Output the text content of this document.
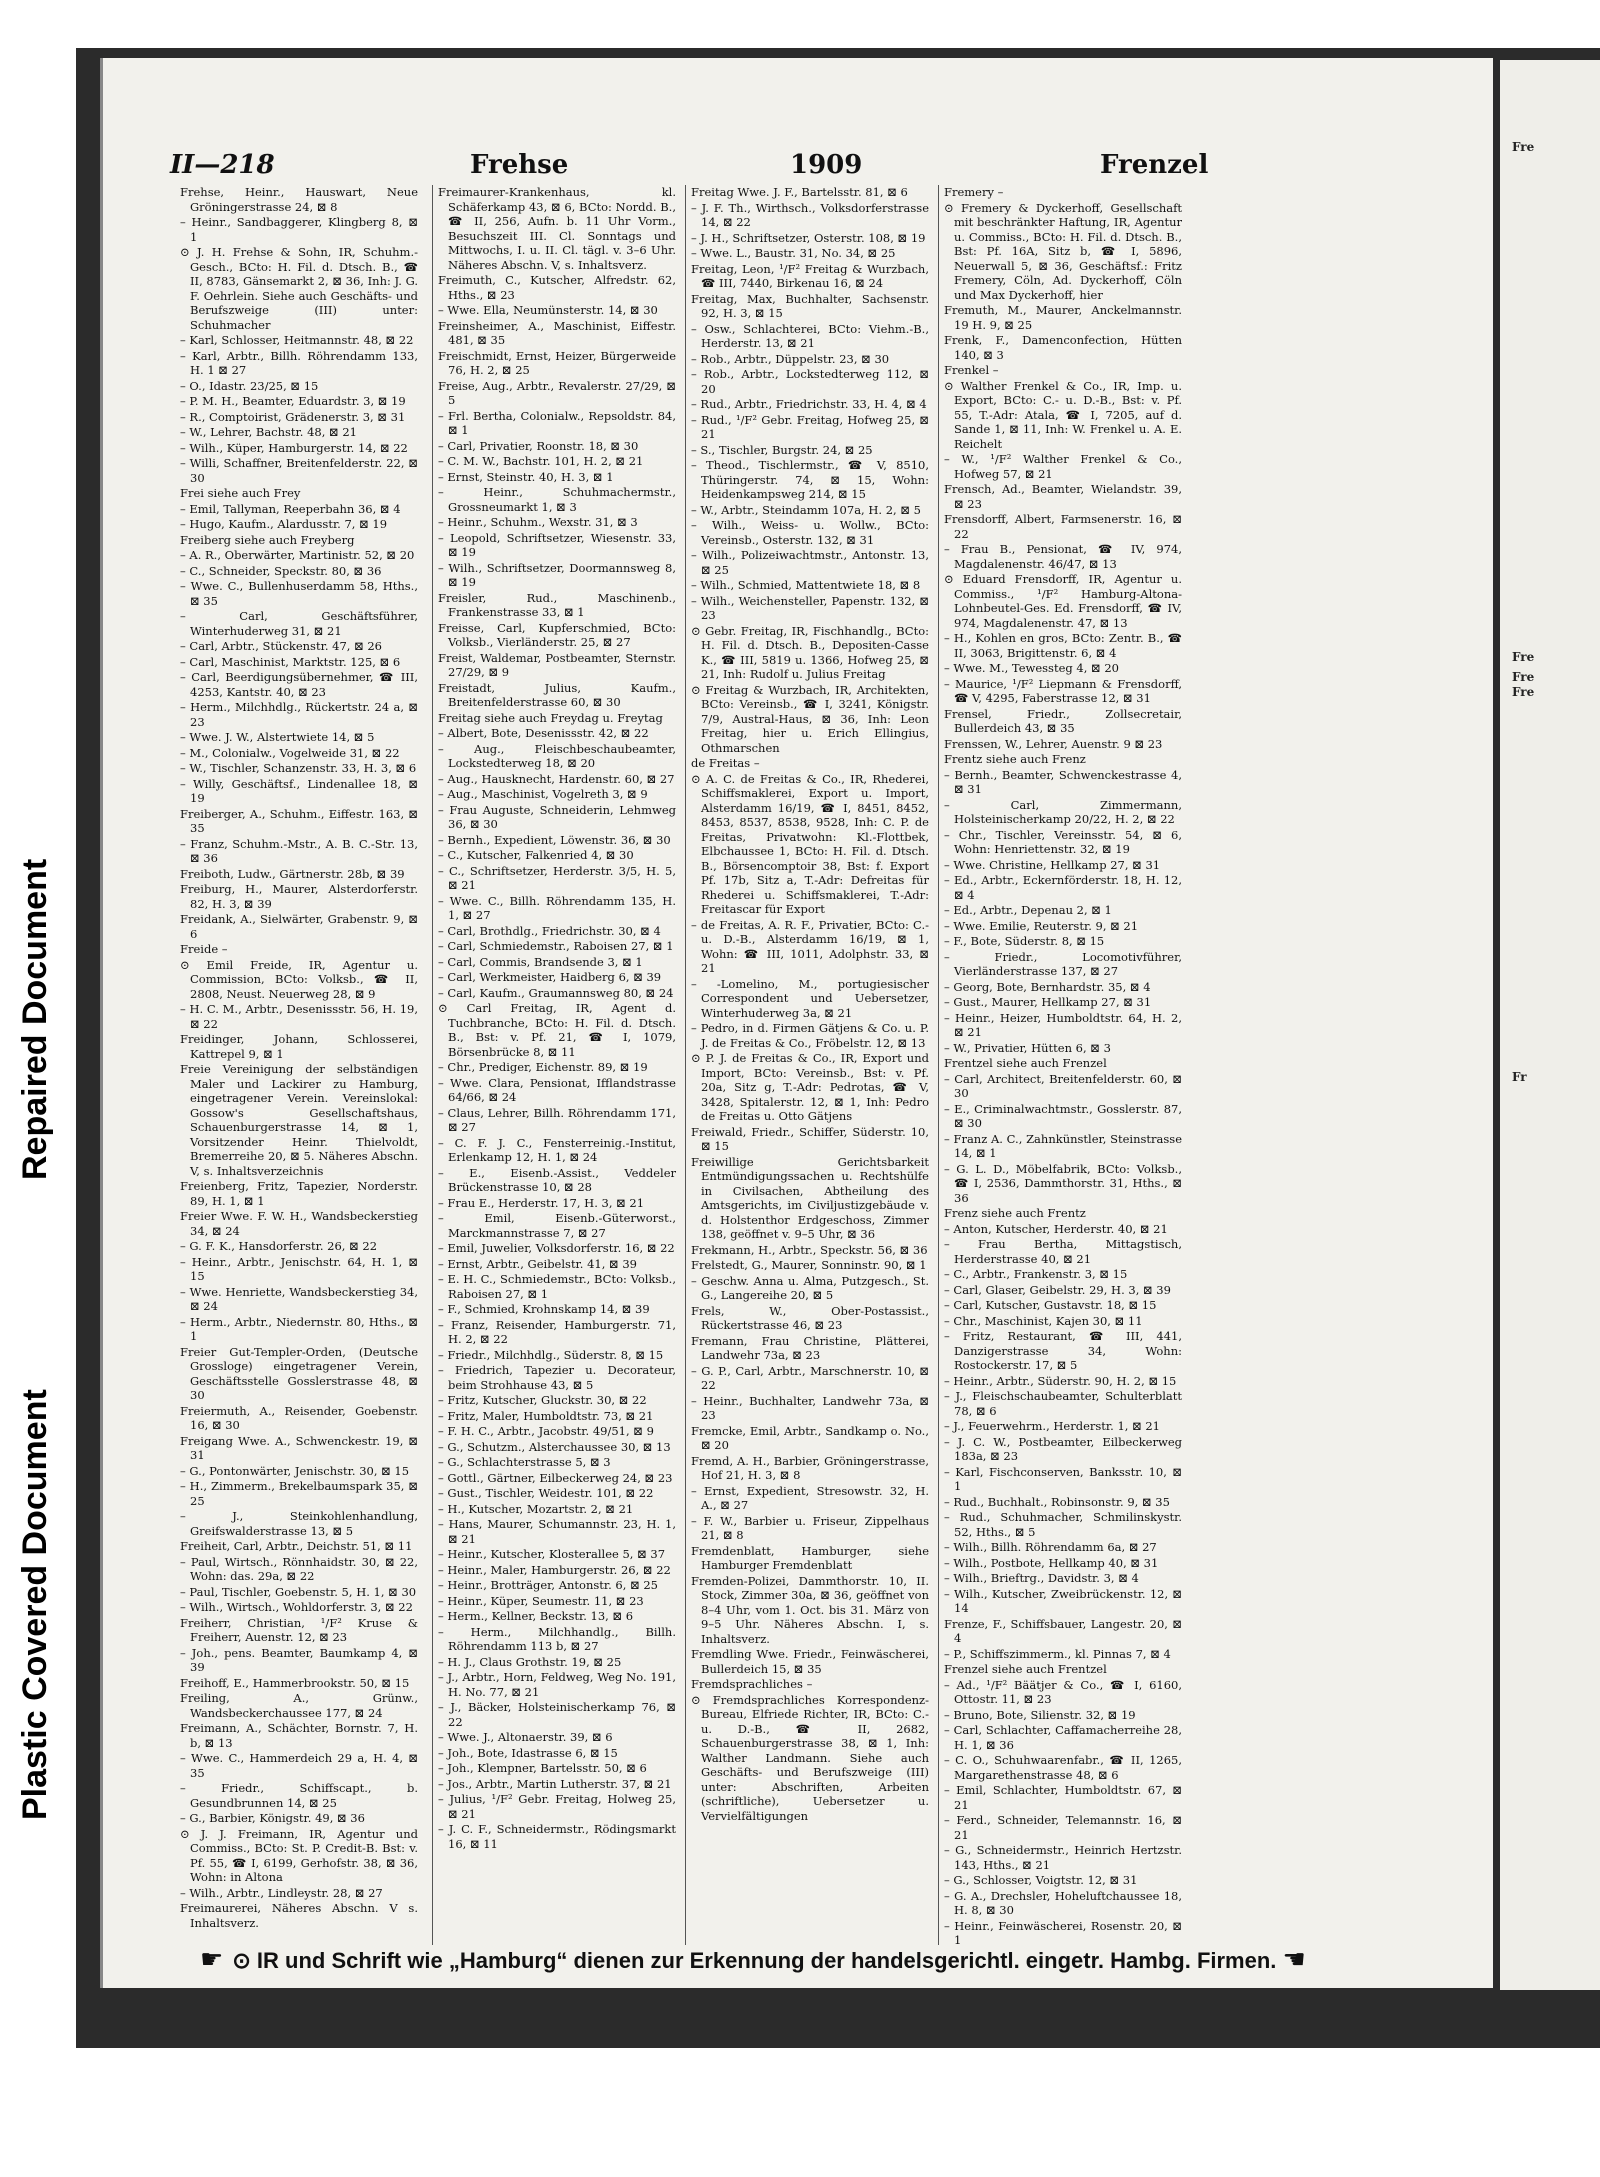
Repaired Document
Plastic Covered Document
Fre
Fre
Fre
Fre
Fr
II—218	Frehse	1909	Frenzel
Frehse, Heinr., Hauswart, Neue Gröningerstrasse 24, ⊠ 8
– Heinr., Sandbaggerer, Klingberg 8, ⊠ 1
⊙ J. H. Frehse & Sohn, IR, Schuhm.-Gesch., BCto: H. Fil. d. Dtsch. B., ☎ II, 8783, Gänsemarkt 2, ⊠ 36, Inh: J. G. F. Oehrlein. Siehe auch Geschäfts- und Berufszweige (III) unter: Schuhmacher
– Karl, Schlosser, Heitmannstr. 48, ⊠ 22
– Karl, Arbtr., Billh. Röhrendamm 133, H. 1 ⊠ 27
– O., Idastr. 23/25, ⊠ 15
– P. M. H., Beamter, Eduardstr. 3, ⊠ 19
– R., Comptoirist, Grädenerstr. 3, ⊠ 31
– W., Lehrer, Bachstr. 48, ⊠ 21
– Wilh., Küper, Hamburgerstr. 14, ⊠ 22
– Willi, Schaffner, Breitenfelderstr. 22, ⊠ 30
Frei siehe auch Frey
– Emil, Tallyman, Reeperbahn 36, ⊠ 4
– Hugo, Kaufm., Alardusstr. 7, ⊠ 19
Freiberg siehe auch Freyberg
– A. R., Oberwärter, Martinistr. 52, ⊠ 20
– C., Schneider, Speckstr. 80, ⊠ 36
– Wwe. C., Bullenhuserdamm 58, Hths., ⊠ 35
– Carl, Geschäftsführer, Winterhuderweg 31, ⊠ 21
– Carl, Arbtr., Stückenstr. 47, ⊠ 26
– Carl, Maschinist, Marktstr. 125, ⊠ 6
– Carl, Beerdigungsübernehmer, ☎ III, 4253, Kantstr. 40, ⊠ 23
– Herm., Milchhdlg., Rückertstr. 24 a, ⊠ 23
– Wwe. J. W., Alstertwiete 14, ⊠ 5
– M., Colonialw., Vogelweide 31, ⊠ 22
– W., Tischler, Schanzenstr. 33, H. 3, ⊠ 6
– Willy, Geschäftsf., Lindenallee 18, ⊠ 19
Freiberger, A., Schuhm., Eiffestr. 163, ⊠ 35
– Franz, Schuhm.-Mstr., A. B. C.-Str. 13, ⊠ 36
Freiboth, Ludw., Gärtnerstr. 28b, ⊠ 39
Freiburg, H., Maurer, Alsterdorferstr. 82, H. 3, ⊠ 39
Freidank, A., Sielwärter, Grabenstr. 9, ⊠ 6
Freide –
⊙ Emil Freide, IR, Agentur u. Commission, BCto: Volksb., ☎ II, 2808, Neust. Neuerweg 28, ⊠ 9
– H. C. M., Arbtr., Desenissstr. 56, H. 19, ⊠ 22
Freidinger, Johann, Schlosserei, Kattrepel 9, ⊠ 1
Freie Vereinigung der selbständigen Maler und Lackirer zu Hamburg, eingetragener Verein. Vereinslokal: Gossow's Gesellschaftshaus, Schauenburgerstrasse 14, ⊠ 1, Vorsitzender Heinr. Thielvoldt, Bremerreihe 20, ⊠ 5. Näheres Abschn. V, s. Inhaltsverzeichnis
Freienberg, Fritz, Tapezier, Norderstr. 89, H. 1, ⊠ 1
Freier Wwe. F. W. H., Wandsbeckerstieg 34, ⊠ 24
– G. F. K., Hansdorferstr. 26, ⊠ 22
– Heinr., Arbtr., Jenischstr. 64, H. 1, ⊠ 15
– Wwe. Henriette, Wandsbeckerstieg 34, ⊠ 24
– Herm., Arbtr., Niedernstr. 80, Hths., ⊠ 1
Freier Gut-Templer-Orden, (Deutsche Grossloge) eingetragener Verein, Geschäftsstelle Gosslerstrasse 48, ⊠ 30
Freiermuth, A., Reisender, Goebenstr. 16, ⊠ 30
Freigang Wwe. A., Schwenckestr. 19, ⊠ 31
– G., Pontonwärter, Jenischstr. 30, ⊠ 15
– H., Zimmerm., Brekelbaumspark 35, ⊠ 25
– J., Steinkohlenhandlung, Greifswalderstrasse 13, ⊠ 5
Freiheit, Carl, Arbtr., Deichstr. 51, ⊠ 11
– Paul, Wirtsch., Rönnhaidstr. 30, ⊠ 22, Wohn: das. 29a, ⊠ 22
– Paul, Tischler, Goebenstr. 5, H. 1, ⊠ 30
– Wilh., Wirtsch., Wohldorferstr. 3, ⊠ 22
Freiherr, Christian, ¹/F² Kruse & Freiherr, Auenstr. 12, ⊠ 23
– Joh., pens. Beamter, Baumkamp 4, ⊠ 39
Freihoff, E., Hammerbrookstr. 50, ⊠ 15
Freiling, A., Grünw., Wandsbeckerchaussee 177, ⊠ 24
Freimann, A., Schächter, Bornstr. 7, H. b, ⊠ 13
– Wwe. C., Hammerdeich 29 a, H. 4, ⊠ 35
– Friedr., Schiffscapt., b. Gesundbrunnen 14, ⊠ 25
– G., Barbier, Königstr. 49, ⊠ 36
⊙ J. J. Freimann, IR, Agentur und Commiss., BCto: St. P. Credit-B. Bst: v. Pf. 55, ☎ I, 6199, Gerhofstr. 38, ⊠ 36, Wohn: in Altona
– Wilh., Arbtr., Lindleystr. 28, ⊠ 27
Freimaurerei, Näheres Abschn. V s. Inhaltsverz.
Freimaurer-Krankenhaus, kl. Schäferkamp 43, ⊠ 6, BCto: Nordd. B., ☎ II, 256, Aufn. b. 11 Uhr Vorm., Besuchszeit III. Cl. Sonntags und Mittwochs, I. u. II. Cl. tägl. v. 3–6 Uhr. Näheres Abschn. V, s. Inhaltsverz.
Freimuth, C., Kutscher, Alfredstr. 62, Hths., ⊠ 23
– Wwe. Ella, Neumünsterstr. 14, ⊠ 30
Freinsheimer, A., Maschinist, Eiffestr. 481, ⊠ 35
Freischmidt, Ernst, Heizer, Bürgerweide 76, H. 2, ⊠ 25
Freise, Aug., Arbtr., Revalerstr. 27/29, ⊠ 5
– Frl. Bertha, Colonialw., Repsoldstr. 84, ⊠ 1
– Carl, Privatier, Roonstr. 18, ⊠ 30
– C. M. W., Bachstr. 101, H. 2, ⊠ 21
– Ernst, Steinstr. 40, H. 3, ⊠ 1
– Heinr., Schuhmachermstr., Grossneumarkt 1, ⊠ 3
– Heinr., Schuhm., Wexstr. 31, ⊠ 3
– Leopold, Schriftsetzer, Wiesenstr. 33, ⊠ 19
– Wilh., Schriftsetzer, Doormannsweg 8, ⊠ 19
Freisler, Rud., Maschinenb., Frankenstrasse 33, ⊠ 1
Freisse, Carl, Kupferschmied, BCto: Volksb., Vierländerstr. 25, ⊠ 27
Freist, Waldemar, Postbeamter, Sternstr. 27/29, ⊠ 9
Freistadt, Julius, Kaufm., Breitenfelderstrasse 60, ⊠ 30
Freitag siehe auch Freydag u. Freytag
– Albert, Bote, Desenissstr. 42, ⊠ 22
– Aug., Fleischbeschaubeamter, Lockstedterweg 18, ⊠ 20
– Aug., Hausknecht, Hardenstr. 60, ⊠ 27
– Aug., Maschinist, Vogelreth 3, ⊠ 9
– Frau Auguste, Schneiderin, Lehmweg 36, ⊠ 30
– Bernh., Expedient, Löwenstr. 36, ⊠ 30
– C., Kutscher, Falkenried 4, ⊠ 30
– C., Schriftsetzer, Herderstr. 3/5, H. 5, ⊠ 21
– Wwe. C., Billh. Röhrendamm 135, H. 1, ⊠ 27
– Carl, Brothdlg., Friedrichstr. 30, ⊠ 4
– Carl, Schmiedemstr., Raboisen 27, ⊠ 1
– Carl, Commis, Brandsende 3, ⊠ 1
– Carl, Werkmeister, Haidberg 6, ⊠ 39
– Carl, Kaufm., Graumannsweg 80, ⊠ 24
⊙ Carl Freitag, IR, Agent d. Tuchbranche, BCto: H. Fil. d. Dtsch. B., Bst: v. Pf. 21, ☎ I, 1079, Börsenbrücke 8, ⊠ 11
– Chr., Prediger, Eichenstr. 89, ⊠ 19
– Wwe. Clara, Pensionat, Ifflandstrasse 64/66, ⊠ 24
– Claus, Lehrer, Billh. Röhrendamm 171, ⊠ 27
– C. F. J. C., Fensterreinig.-Institut, Erlenkamp 12, H. 1, ⊠ 24
– E., Eisenb.-Assist., Veddeler Brückenstrasse 10, ⊠ 28
– Frau E., Herderstr. 17, H. 3, ⊠ 21
– Emil, Eisenb.-Güterworst., Marckmannstrasse 7, ⊠ 27
– Emil, Juwelier, Volksdorferstr. 16, ⊠ 22
– Ernst, Arbtr., Geibelstr. 41, ⊠ 39
– E. H. C., Schmiedemstr., BCto: Volksb., Raboisen 27, ⊠ 1
– F., Schmied, Krohnskamp 14, ⊠ 39
– Franz, Reisender, Hamburgerstr. 71, H. 2, ⊠ 22
– Friedr., Milchhdlg., Süderstr. 8, ⊠ 15
– Friedrich, Tapezier u. Decorateur, beim Strohhause 43, ⊠ 5
– Fritz, Kutscher, Gluckstr. 30, ⊠ 22
– Fritz, Maler, Humboldtstr. 73, ⊠ 21
– F. H. C., Arbtr., Jacobstr. 49/51, ⊠ 9
– G., Schutzm., Alsterchaussee 30, ⊠ 13
– G., Schlachterstrasse 5, ⊠ 3
– Gottl., Gärtner, Eilbeckerweg 24, ⊠ 23
– Gust., Tischler, Weidestr. 101, ⊠ 22
– H., Kutscher, Mozartstr. 2, ⊠ 21
– Hans, Maurer, Schumannstr. 23, H. 1, ⊠ 21
– Heinr., Kutscher, Klosterallee 5, ⊠ 37
– Heinr., Maler, Hamburgerstr. 26, ⊠ 22
– Heinr., Brotträger, Antonstr. 6, ⊠ 25
– Heinr., Küper, Seumestr. 11, ⊠ 23
– Herm., Kellner, Beckstr. 13, ⊠ 6
– Herm., Milchhandlg., Billh. Röhrendamm 113 b, ⊠ 27
– H. J., Claus Grothstr. 19, ⊠ 25
– J., Arbtr., Horn, Feldweg, Weg No. 191, H. No. 77, ⊠ 21
– J., Bäcker, Holsteinischerkamp 76, ⊠ 22
– Wwe. J., Altonaerstr. 39, ⊠ 6
– Joh., Bote, Idastrasse 6, ⊠ 15
– Joh., Klempner, Bartelsstr. 50, ⊠ 6
– Jos., Arbtr., Martin Lutherstr. 37, ⊠ 21
– Julius, ¹/F² Gebr. Freitag, Holweg 25, ⊠ 21
– J. C. F., Schneidermstr., Rödingsmarkt 16, ⊠ 11
Freitag Wwe. J. F., Bartelsstr. 81, ⊠ 6
– J. F. Th., Wirthsch., Volksdorferstrasse 14, ⊠ 22
– J. H., Schriftsetzer, Osterstr. 108, ⊠ 19
– Wwe. L., Baustr. 31, No. 34, ⊠ 25
Freitag, Leon, ¹/F² Freitag & Wurzbach, ☎ III, 7440, Birkenau 16, ⊠ 24
Freitag, Max, Buchhalter, Sachsenstr. 92, H. 3, ⊠ 15
– Osw., Schlachterei, BCto: Viehm.-B., Herderstr. 13, ⊠ 21
– Rob., Arbtr., Düppelstr. 23, ⊠ 30
– Rob., Arbtr., Lockstedterweg 112, ⊠ 20
– Rud., Arbtr., Friedrichstr. 33, H. 4, ⊠ 4
– Rud., ¹/F² Gebr. Freitag, Hofweg 25, ⊠ 21
– S., Tischler, Burgstr. 24, ⊠ 25
– Theod., Tischlermstr., ☎ V, 8510, Thüringerstr. 74, ⊠ 15, Wohn: Heidenkampsweg 214, ⊠ 15
– W., Arbtr., Steindamm 107a, H. 2, ⊠ 5
– Wilh., Weiss- u. Wollw., BCto: Vereinsb., Osterstr. 132, ⊠ 31
– Wilh., Polizeiwachtmstr., Antonstr. 13, ⊠ 25
– Wilh., Schmied, Mattentwiete 18, ⊠ 8
– Wilh., Weichensteller, Papenstr. 132, ⊠ 23
⊙ Gebr. Freitag, IR, Fischhandlg., BCto: H. Fil. d. Dtsch. B., Depositen-Casse K., ☎ III, 5819 u. 1366, Hofweg 25, ⊠ 21, Inh: Rudolf u. Julius Freitag
⊙ Freitag & Wurzbach, IR, Architekten, BCto: Vereinsb., ☎ I, 3241, Königstr. 7/9, Austral-Haus, ⊠ 36, Inh: Leon Freitag, hier u. Erich Ellingius, Othmarschen
de Freitas –
⊙ A. C. de Freitas & Co., IR, Rhederei, Schiffsmaklerei, Export u. Import, Alsterdamm 16/19, ☎ I, 8451, 8452, 8453, 8537, 8538, 9528, Inh: C. P. de Freitas, Privatwohn: Kl.-Flottbek, Elbchaussee 1, BCto: H. Fil. d. Dtsch. B., Börsencomptoir 38, Bst: f. Export Pf. 17b, Sitz a, T.-Adr: Defreitas für Rhederei u. Schiffsmaklerei, T.-Adr: Freitascar für Export
– de Freitas, A. R. F., Privatier, BCto: C.- u. D.-B., Alsterdamm 16/19, ⊠ 1, Wohn: ☎ III, 1011, Adolphstr. 33, ⊠ 21
– -Lomelino, M., portugiesischer Correspondent und Uebersetzer, Winterhuderweg 3a, ⊠ 21
– Pedro, in d. Firmen Gätjens & Co. u. P. J. de Freitas & Co., Fröbelstr. 12, ⊠ 13
⊙ P. J. de Freitas & Co., IR, Export und Import, BCto: Vereinsb., Bst: v. Pf. 20a, Sitz g, T.-Adr: Pedrotas, ☎ V, 3428, Spitalerstr. 12, ⊠ 1, Inh: Pedro de Freitas u. Otto Gätjens
Freiwald, Friedr., Schiffer, Süderstr. 10, ⊠ 15
Freiwillige Gerichtsbarkeit Entmündigungssachen u. Rechtshülfe in Civilsachen, Abtheilung des Amtsgerichts, im Civiljustizgebäude v. d. Holstenthor Erdgeschoss, Zimmer 138, geöffnet v. 9–5 Uhr, ⊠ 36
Frekmann, H., Arbtr., Speckstr. 56, ⊠ 36
Frelstedt, G., Maurer, Sonninstr. 90, ⊠ 1
– Geschw. Anna u. Alma, Putzgesch., St. G., Langereihe 20, ⊠ 5
Frels, W., Ober-Postassist., Rückertstrasse 46, ⊠ 23
Fremann, Frau Christine, Plätterei, Landwehr 73a, ⊠ 23
– G. P., Carl, Arbtr., Marschnerstr. 10, ⊠ 22
– Heinr., Buchhalter, Landwehr 73a, ⊠ 23
Fremcke, Emil, Arbtr., Sandkamp o. No., ⊠ 20
Fremd, A. H., Barbier, Gröningerstrasse, Hof 21, H. 3, ⊠ 8
– Ernst, Expedient, Stresowstr. 32, H. A., ⊠ 27
– F. W., Barbier u. Friseur, Zippelhaus 21, ⊠ 8
Fremdenblatt, Hamburger, siehe Hamburger Fremdenblatt
Fremden-Polizei, Dammthorstr. 10, II. Stock, Zimmer 30a, ⊠ 36, geöffnet von 8–4 Uhr, vom 1. Oct. bis 31. März von 9–5 Uhr. Näheres Abschn. I, s. Inhaltsverz.
Fremdling Wwe. Friedr., Feinwäscherei, Bullerdeich 15, ⊠ 35
Fremdsprachliches –
⊙ Fremdsprachliches Korrespondenz-Bureau, Elfriede Richter, IR, BCto: C.- u. D.-B., ☎ II, 2682, Schauenburgerstrasse 38, ⊠ 1, Inh: Walther Landmann. Siehe auch Geschäfts- und Berufszweige (III) unter: Abschriften, Arbeiten (schriftliche), Uebersetzer u. Vervielfältigungen
Fremery –
⊙ Fremery & Dyckerhoff, Gesellschaft mit beschränkter Haftung, IR, Agentur u. Commiss., BCto: H. Fil. d. Dtsch. B., Bst: Pf. 16A, Sitz b, ☎ I, 5896, Neuerwall 5, ⊠ 36, Geschäftsf.: Fritz Fremery, Cöln, Ad. Dyckerhoff, Cöln und Max Dyckerhoff, hier
Fremuth, M., Maurer, Anckelmannstr. 19 H. 9, ⊠ 25
Frenk, F., Damenconfection, Hütten 140, ⊠ 3
Frenkel –
⊙ Walther Frenkel & Co., IR, Imp. u. Export, BCto: C.- u. D.-B., Bst: v. Pf. 55, T.-Adr: Atala, ☎ I, 7205, auf d. Sande 1, ⊠ 11, Inh: W. Frenkel u. A. E. Reichelt
– W., ¹/F² Walther Frenkel & Co., Hofweg 57, ⊠ 21
Frensch, Ad., Beamter, Wielandstr. 39, ⊠ 23
Frensdorff, Albert, Farmsenerstr. 16, ⊠ 22
– Frau B., Pensionat, ☎ IV, 974, Magdalenenstr. 46/47, ⊠ 13
⊙ Eduard Frensdorff, IR, Agentur u. Commiss., ¹/F² Hamburg-Altona-Lohnbeutel-Ges. Ed. Frensdorff, ☎ IV, 974, Magdalenenstr. 47, ⊠ 13
– H., Kohlen en gros, BCto: Zentr. B., ☎ II, 3063, Brigittenstr. 6, ⊠ 4
– Wwe. M., Tewessteg 4, ⊠ 20
– Maurice, ¹/F² Liepmann & Frensdorff, ☎ V, 4295, Faberstrasse 12, ⊠ 31
Frensel, Friedr., Zollsecretair, Bullerdeich 43, ⊠ 35
Frenssen, W., Lehrer, Auenstr. 9 ⊠ 23
Frentz siehe auch Frenz
– Bernh., Beamter, Schwenckestrasse 4, ⊠ 31
– Carl, Zimmermann, Holsteinischerkamp 20/22, H. 2, ⊠ 22
– Chr., Tischler, Vereinsstr. 54, ⊠ 6, Wohn: Henriettenstr. 32, ⊠ 19
– Wwe. Christine, Hellkamp 27, ⊠ 31
– Ed., Arbtr., Eckernförderstr. 18, H. 12, ⊠ 4
– Ed., Arbtr., Depenau 2, ⊠ 1
– Wwe. Emilie, Reuterstr. 9, ⊠ 21
– F., Bote, Süderstr. 8, ⊠ 15
– Friedr., Locomotivführer, Vierländerstrasse 137, ⊠ 27
– Georg, Bote, Bernhardstr. 35, ⊠ 4
– Gust., Maurer, Hellkamp 27, ⊠ 31
– Heinr., Heizer, Humboldtstr. 64, H. 2, ⊠ 21
– W., Privatier, Hütten 6, ⊠ 3
Frentzel siehe auch Frenzel
– Carl, Architect, Breitenfelderstr. 60, ⊠ 30
– E., Criminalwachtmstr., Gosslerstr. 87, ⊠ 30
– Franz A. C., Zahnkünstler, Steinstrasse 14, ⊠ 1
– G. L. D., Möbelfabrik, BCto: Volksb., ☎ I, 2536, Dammthorstr. 31, Hths., ⊠ 36
Frenz siehe auch Frentz
– Anton, Kutscher, Herderstr. 40, ⊠ 21
– Frau Bertha, Mittagstisch, Herderstrasse 40, ⊠ 21
– C., Arbtr., Frankenstr. 3, ⊠ 15
– Carl, Glaser, Geibelstr. 29, H. 3, ⊠ 39
– Carl, Kutscher, Gustavstr. 18, ⊠ 15
– Chr., Maschinist, Kajen 30, ⊠ 11
– Fritz, Restaurant, ☎ III, 441, Danzigerstrasse 34, Wohn: Rostockerstr. 17, ⊠ 5
– Heinr., Arbtr., Süderstr. 90, H. 2, ⊠ 15
– J., Fleischschaubeamter, Schulterblatt 78, ⊠ 6
– J., Feuerwehrm., Herderstr. 1, ⊠ 21
– J. C. W., Postbeamter, Eilbeckerweg 183a, ⊠ 23
– Karl, Fischconserven, Banksstr. 10, ⊠ 1
– Rud., Buchhalt., Robinsonstr. 9, ⊠ 35
– Rud., Schuhmacher, Schmilinskystr. 52, Hths., ⊠ 5
– Wilh., Billh. Röhrendamm 6a, ⊠ 27
– Wilh., Postbote, Hellkamp 40, ⊠ 31
– Wilh., Brieftrg., Davidstr. 3, ⊠ 4
– Wilh., Kutscher, Zweibrückenstr. 12, ⊠ 14
Frenze, F., Schiffsbauer, Langestr. 20, ⊠ 4
– P., Schiffszimmerm., kl. Pinnas 7, ⊠ 4
Frenzel siehe auch Frentzel
– Ad., ¹/F² Bäätjer & Co., ☎ I, 6160, Ottostr. 11, ⊠ 23
– Bruno, Bote, Silienstr. 32, ⊠ 19
– Carl, Schlachter, Caffamacherreihe 28, H. 1, ⊠ 36
– C. O., Schuhwaarenfabr., ☎ II, 1265, Margarethenstrasse 48, ⊠ 6
– Emil, Schlachter, Humboldtstr. 67, ⊠ 21
– Ferd., Schneider, Telemannstr. 16, ⊠ 21
– G., Schneidermstr., Heinrich Hertzstr. 143, Hths., ⊠ 21
– G., Schlosser, Voigtstr. 12, ⊠ 31
– G. A., Drechsler, Hoheluftchaussee 18, H. 8, ⊠ 30
– Heinr., Feinwäscherei, Rosenstr. 20, ⊠ 1
☛ ⊙ IR und Schrift wie „Hamburg“ dienen zur Erkennung der handelsgerichtl. eingetr. Hambg. Firmen. ☚
